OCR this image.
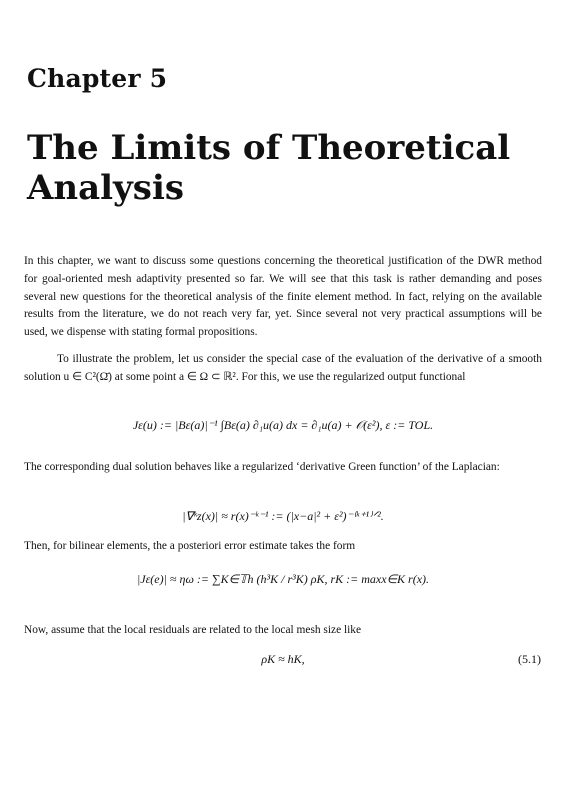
Chapter 5
The Limits of Theoretical Analysis
In this chapter, we want to discuss some questions concerning the theoretical justification of the DWR method for goal-oriented mesh adaptivity presented so far. We will see that this task is rather demanding and poses several new questions for the theoretical analysis of the finite element method. In fact, relying on the available results from the literature, we do not reach very far, yet. Since several not very practical assumptions will be used, we dispense with stating formal propositions.
To illustrate the problem, let us consider the special case of the evaluation of the derivative of a smooth solution u ∈ C²(Ω̄) at some point a ∈ Ω ⊂ ℝ². For this, we use the regularized output functional
Jε(u) := |Bε(a)|⁻¹ ∫Bε(a) ∂₁u(a) dx = ∂₁u(a) + 𝒪(ε²), ε := TOL.
The corresponding dual solution behaves like a regularized ‘derivative Green function’ of the Laplacian:
|∇ᵏz(x)| ≈ r(x)⁻ᵏ⁻¹ := (|x−a|² + ε²)⁻⁽ᵏ⁺¹⁾ᐟ².
Then, for bilinear elements, the a posteriori error estimate takes the form
|Jε(e)| ≈ ηω := ∑K∈𝕋h (h³K / r³K) ρK, rK := maxx∈K r(x).
Now, assume that the local residuals are related to the local mesh size like
ρK ≈ hK,	(5.1)
